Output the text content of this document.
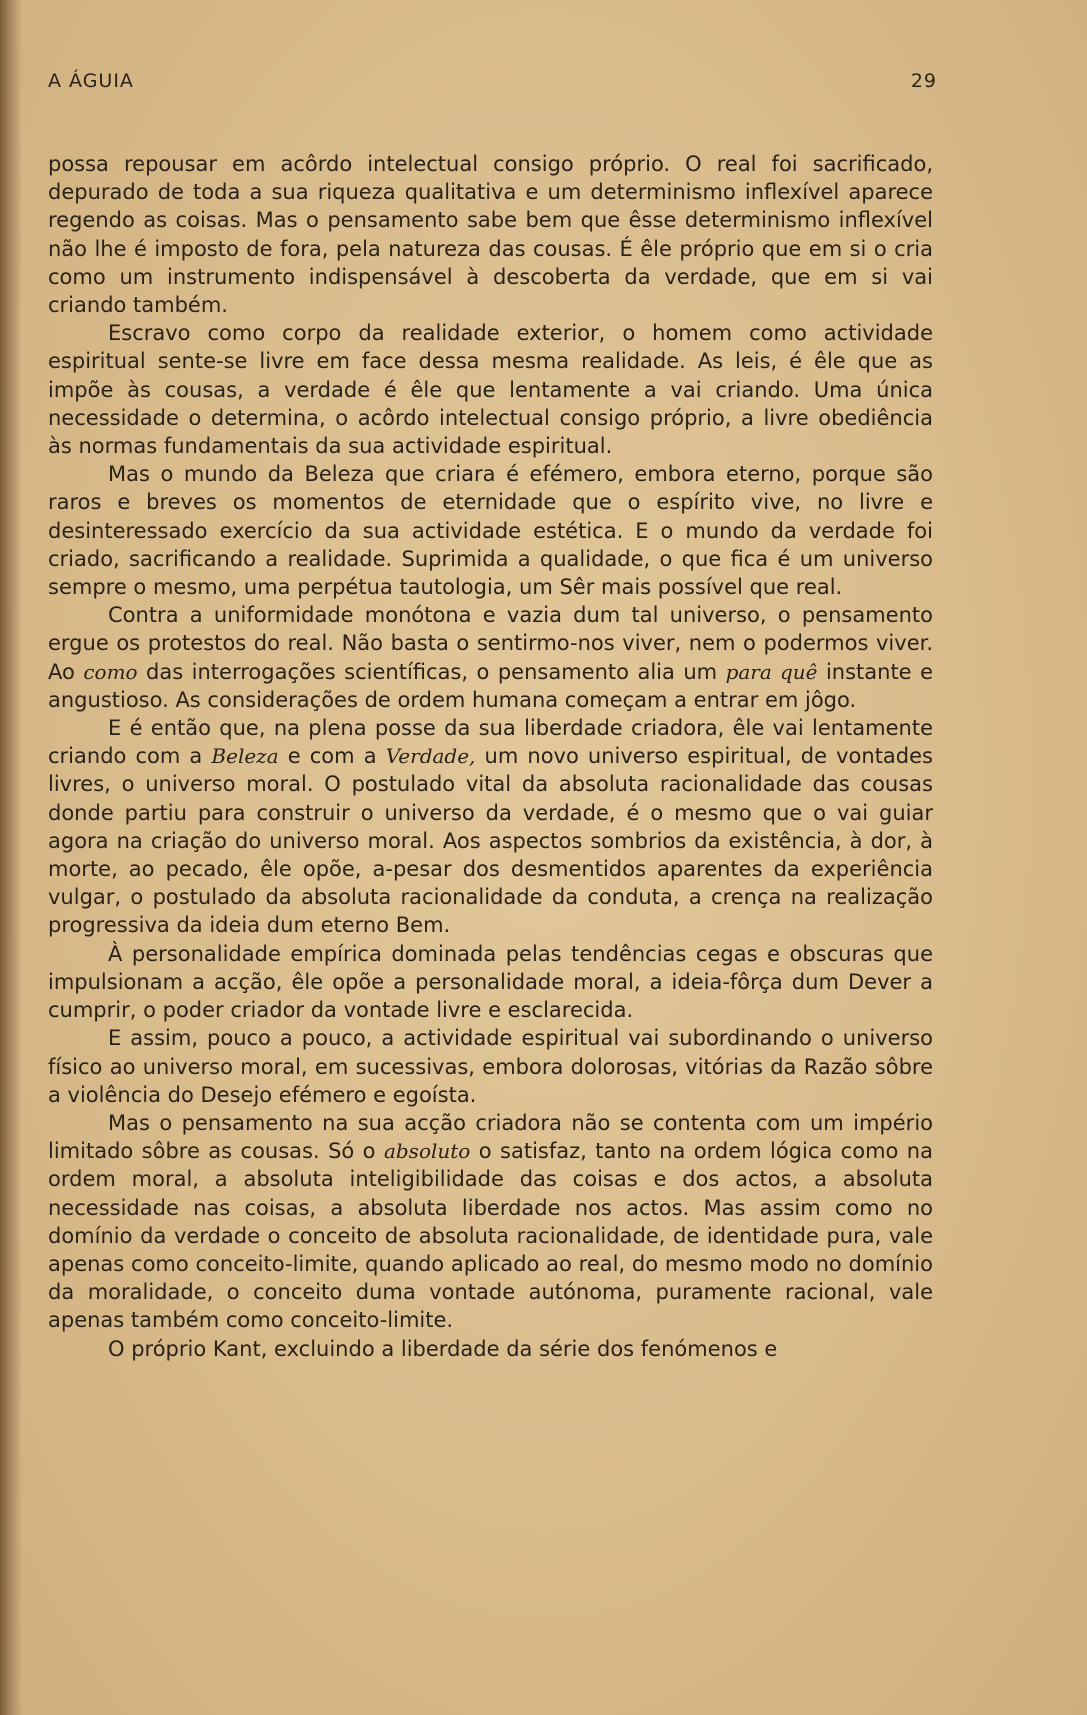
A ÁGUIA	29

possa repousar em acôrdo intelectual consigo próprio. O real foi sacrificado, depurado de toda a sua riqueza qualitativa e um determinismo inflexível aparece regendo as coisas. Mas o pensamento sabe bem que êsse determinismo inflexível não lhe é imposto de fora, pela natureza das cousas. É êle próprio que em si o cria como um instrumento indispensável à descoberta da verdade, que em si vai criando também.

Escravo como corpo da realidade exterior, o homem como actividade espiritual sente-se livre em face dessa mesma realidade. As leis, é êle que as impõe às cousas, a verdade é êle que lentamente a vai criando. Uma única necessidade o determina, o acôrdo intelectual consigo próprio, a livre obediência às normas fundamentais da sua actividade espiritual.

Mas o mundo da Beleza que criara é efémero, embora eterno, porque são raros e breves os momentos de eternidade que o espírito vive, no livre e desinteressado exercício da sua actividade estética. E o mundo da verdade foi criado, sacrificando a realidade. Suprimida a qualidade, o que fica é um universo sempre o mesmo, uma perpétua tautologia, um Sêr mais possível que real.

Contra a uniformidade monótona e vazia dum tal universo, o pensamento ergue os protestos do real. Não basta o sentirmo-nos viver, nem o podermos viver. Ao como das interrogações scientíficas, o pensamento alia um para quê instante e angustioso. As considerações de ordem humana começam a entrar em jôgo.

E é então que, na plena posse da sua liberdade criadora, êle vai lentamente criando com a Beleza e com a Verdade, um novo universo espiritual, de vontades livres, o universo moral. O postulado vital da absoluta racionalidade das cousas donde partiu para construir o universo da verdade, é o mesmo que o vai guiar agora na criação do universo moral. Aos aspectos sombrios da existência, à dor, à morte, ao pecado, êle opõe, a-pesar dos desmentidos aparentes da experiência vulgar, o postulado da absoluta racionalidade da conduta, a crença na realização progressiva da ideia dum eterno Bem.

À personalidade empírica dominada pelas tendências cegas e obscuras que impulsionam a acção, êle opõe a personalidade moral, a ideia-fôrça dum Dever a cumprir, o poder criador da vontade livre e esclarecida.

E assim, pouco a pouco, a actividade espiritual vai subordinando o universo físico ao universo moral, em sucessivas, embora dolorosas, vitórias da Razão sôbre a violência do Desejo efémero e egoísta.

Mas o pensamento na sua acção criadora não se contenta com um império limitado sôbre as cousas. Só o absoluto o satisfaz, tanto na ordem lógica como na ordem moral, a absoluta inteligibilidade das coisas e dos actos, a absoluta necessidade nas coisas, a absoluta liberdade nos actos. Mas assim como no domínio da verdade o conceito de absoluta racionalidade, de identidade pura, vale apenas como conceito-limite, quando aplicado ao real, do mesmo modo no domínio da moralidade, o conceito duma vontade autónoma, puramente racional, vale apenas também como conceito-limite.

O próprio Kant, excluindo a liberdade da série dos fenómenos e
